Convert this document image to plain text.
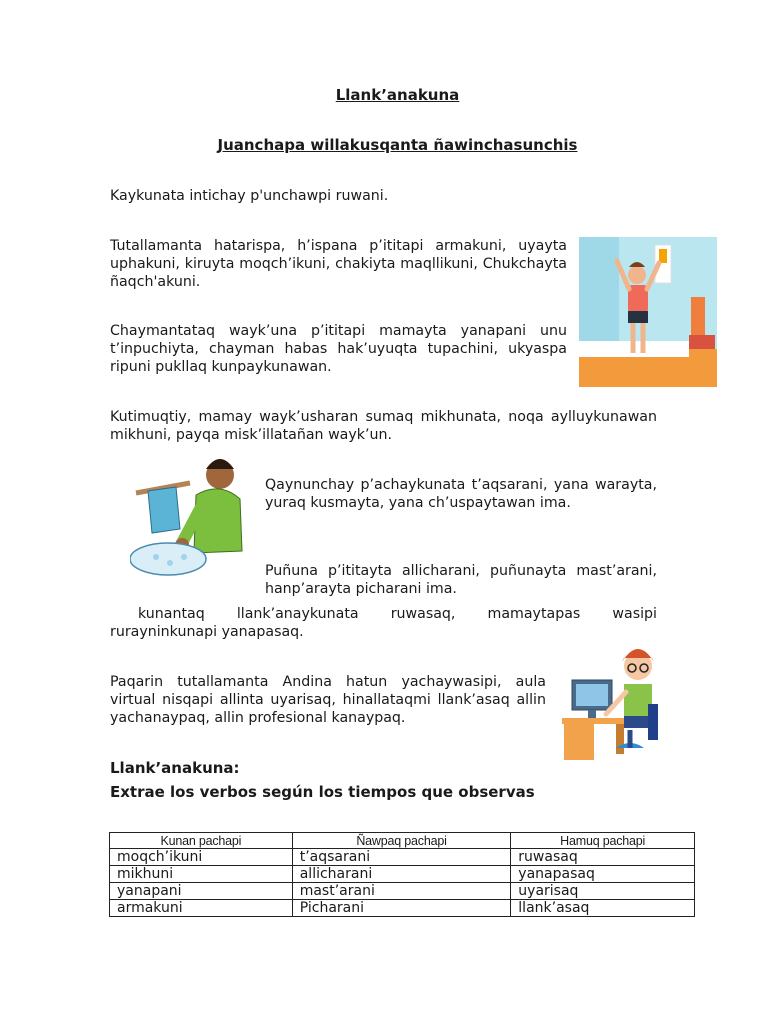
Llank’anakuna
Juanchapa willakusqanta ñawinchasunchis

Kaykunata intichay p'unchawpi ruwani.

Tutallamanta hatarispa, h’ispana p’ititapi armakuni, uyayta uphakuni, kiruyta moqch’ikuni, chakiyta maqllikuni, Chukchayta ñaqch'akuni.

Chaymantataq wayk’una p’ititapi mamayta yanapani unu t’inpuchiyta, chayman habas hak’uyuqta tupachini, ukyaspa ripuni pukllaq kunpaykunawan.

Kutimuqtiy, mamay wayk’usharan sumaq mikhunata, noqa aylluykunawan mikhuni, payqa misk’illatañan wayk’un.

Qaynunchay p’achaykunata t’aqsarani, yana warayta, yuraq kusmayta, yana ch’uspaytawan ima.

Puñuna p’ititayta allicharani, puñunayta mast’arani, hanp’arayta picharani ima.

kunantaq llank’anaykunata ruwasaq, mamaytapas wasipi rurayninkunapi yanapasaq.

Paqarin tutallamanta Andina hatun yachaywasipi, aula virtual nisqapi allinta uyarisaq, hinallataqmi llank’asaq allin yachanaypaq, allin profesional kanaypaq.

Llank’anakuna:
Extrae los verbos según los tiempos que observas
Kunan pachapi	Ñawpaq pachapi	Hamuq pachapi
moqch’ikuni	t’aqsarani	ruwasaq
mikhuni	allicharani	yanapasaq
yanapani	mast’arani	uyarisaq
armakuni	Picharani	llank’asaq
